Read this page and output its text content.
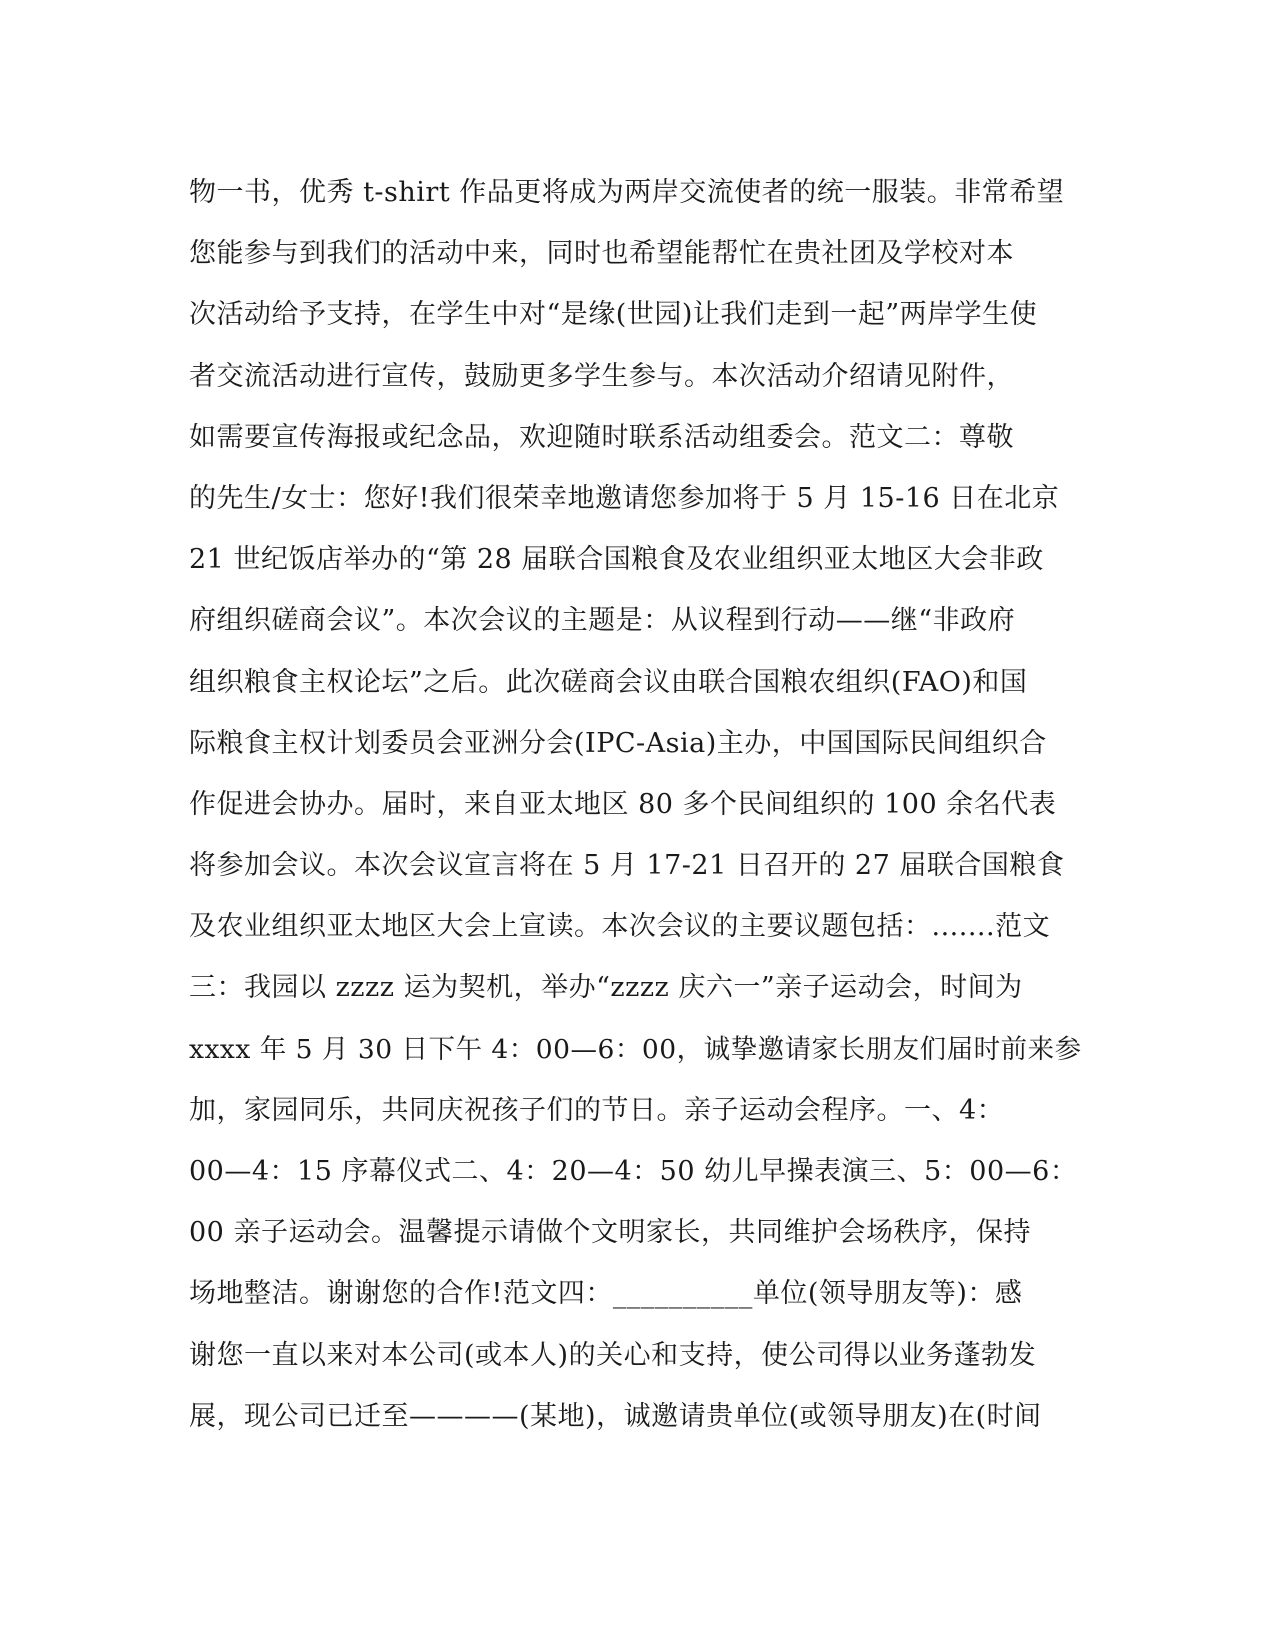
物一书，优秀 t-shirt 作品更将成为两岸交流使者的统一服装。非常希望
您能参与到我们的活动中来，同时也希望能帮忙在贵社团及学校对本
次活动给予支持，在学生中对“是缘(世园)让我们走到一起”两岸学生使
者交流活动进行宣传，鼓励更多学生参与。本次活动介绍请见附件，
如需要宣传海报或纪念品，欢迎随时联系活动组委会。范文二：尊敬
的先生/女士：您好!我们很荣幸地邀请您参加将于 5 月 15-16 日在北京
21 世纪饭店举办的“第 28 届联合国粮食及农业组织亚太地区大会非政
府组织磋商会议”。本次会议的主题是：从议程到行动——继“非政府
组织粮食主权论坛”之后。此次磋商会议由联合国粮农组织(FAO)和国
际粮食主权计划委员会亚洲分会(IPC-Asia)主办，中国国际民间组织合
作促进会协办。届时，来自亚太地区 80 多个民间组织的 100 余名代表
将参加会议。本次会议宣言将在 5 月 17-21 日召开的 27 届联合国粮食
及农业组织亚太地区大会上宣读。本次会议的主要议题包括：.......范文
三：我园以 zzzz 运为契机，举办“zzzz 庆六一”亲子运动会，时间为
xxxx 年 5 月 30 日下午 4：00—6：00，诚挚邀请家长朋友们届时前来参
加，家园同乐，共同庆祝孩子们的节日。亲子运动会程序。一、4：
00—4：15 序幕仪式二、4：20—4：50 幼儿早操表演三、5：00—6：
00 亲子运动会。温馨提示请做个文明家长，共同维护会场秩序，保持
场地整洁。谢谢您的合作!范文四：__________单位(领导朋友等)：感
谢您一直以来对本公司(或本人)的关心和支持，使公司得以业务蓬勃发
展，现公司已迁至————(某地)，诚邀请贵单位(或领导朋友)在(时间
